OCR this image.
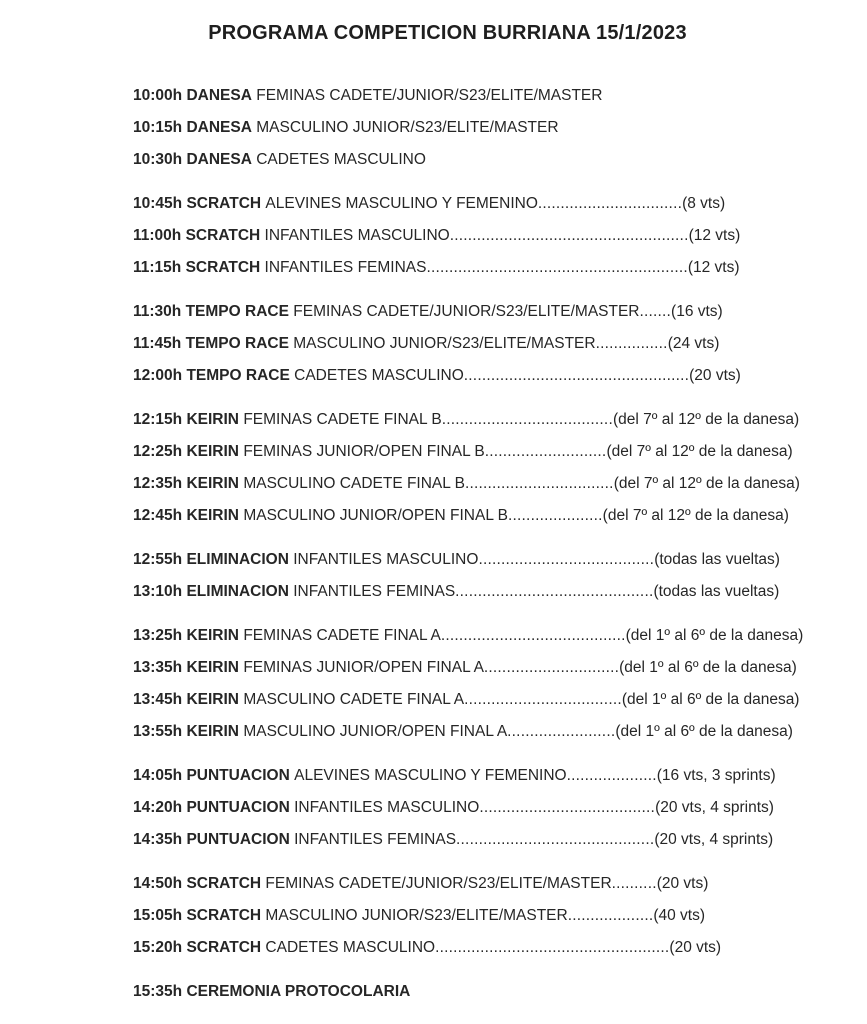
PROGRAMA COMPETICION BURRIANA 15/1/2023
10:00h DANESA FEMINAS CADETE/JUNIOR/S23/ELITE/MASTER
10:15h DANESA MASCULINO JUNIOR/S23/ELITE/MASTER
10:30h DANESA CADETES MASCULINO
10:45h SCRATCH ALEVINES MASCULINO Y FEMENINO................................(8 vts)
11:00h SCRATCH INFANTILES MASCULINO.....................................................(12 vts)
11:15h SCRATCH INFANTILES FEMINAS..........................................................(12 vts)
11:30h TEMPO RACE FEMINAS CADETE/JUNIOR/S23/ELITE/MASTER.......(16 vts)
11:45h TEMPO RACE MASCULINO JUNIOR/S23/ELITE/MASTER................(24 vts)
12:00h TEMPO RACE CADETES MASCULINO..................................................(20 vts)
12:15h KEIRIN FEMINAS CADETE FINAL B......................................(del 7º al 12º de la danesa)
12:25h KEIRIN FEMINAS JUNIOR/OPEN FINAL B...........................(del 7º al 12º de la danesa)
12:35h KEIRIN MASCULINO CADETE FINAL B.................................(del 7º al 12º de la danesa)
12:45h KEIRIN MASCULINO JUNIOR/OPEN FINAL B.....................(del 7º al 12º de la danesa)
12:55h ELIMINACION INFANTILES MASCULINO.......................................(todas las vueltas)
13:10h ELIMINACION INFANTILES FEMINAS............................................(todas las vueltas)
13:25h KEIRIN FEMINAS CADETE FINAL A.........................................(del 1º al 6º de la danesa)
13:35h KEIRIN FEMINAS JUNIOR/OPEN FINAL A..............................(del 1º al 6º de la danesa)
13:45h KEIRIN MASCULINO CADETE FINAL A...................................(del 1º al 6º de la danesa)
13:55h KEIRIN MASCULINO JUNIOR/OPEN FINAL A........................(del 1º al 6º de la danesa)
14:05h PUNTUACION ALEVINES MASCULINO Y FEMENINO....................(16 vts, 3 sprints)
14:20h PUNTUACION INFANTILES MASCULINO.......................................(20 vts, 4 sprints)
14:35h PUNTUACION INFANTILES FEMINAS............................................(20 vts, 4 sprints)
14:50h SCRATCH FEMINAS CADETE/JUNIOR/S23/ELITE/MASTER..........(20 vts)
15:05h SCRATCH MASCULINO JUNIOR/S23/ELITE/MASTER...................(40 vts)
15:20h SCRATCH CADETES MASCULINO....................................................(20 vts)
15:35h CEREMONIA PROTOCOLARIA
